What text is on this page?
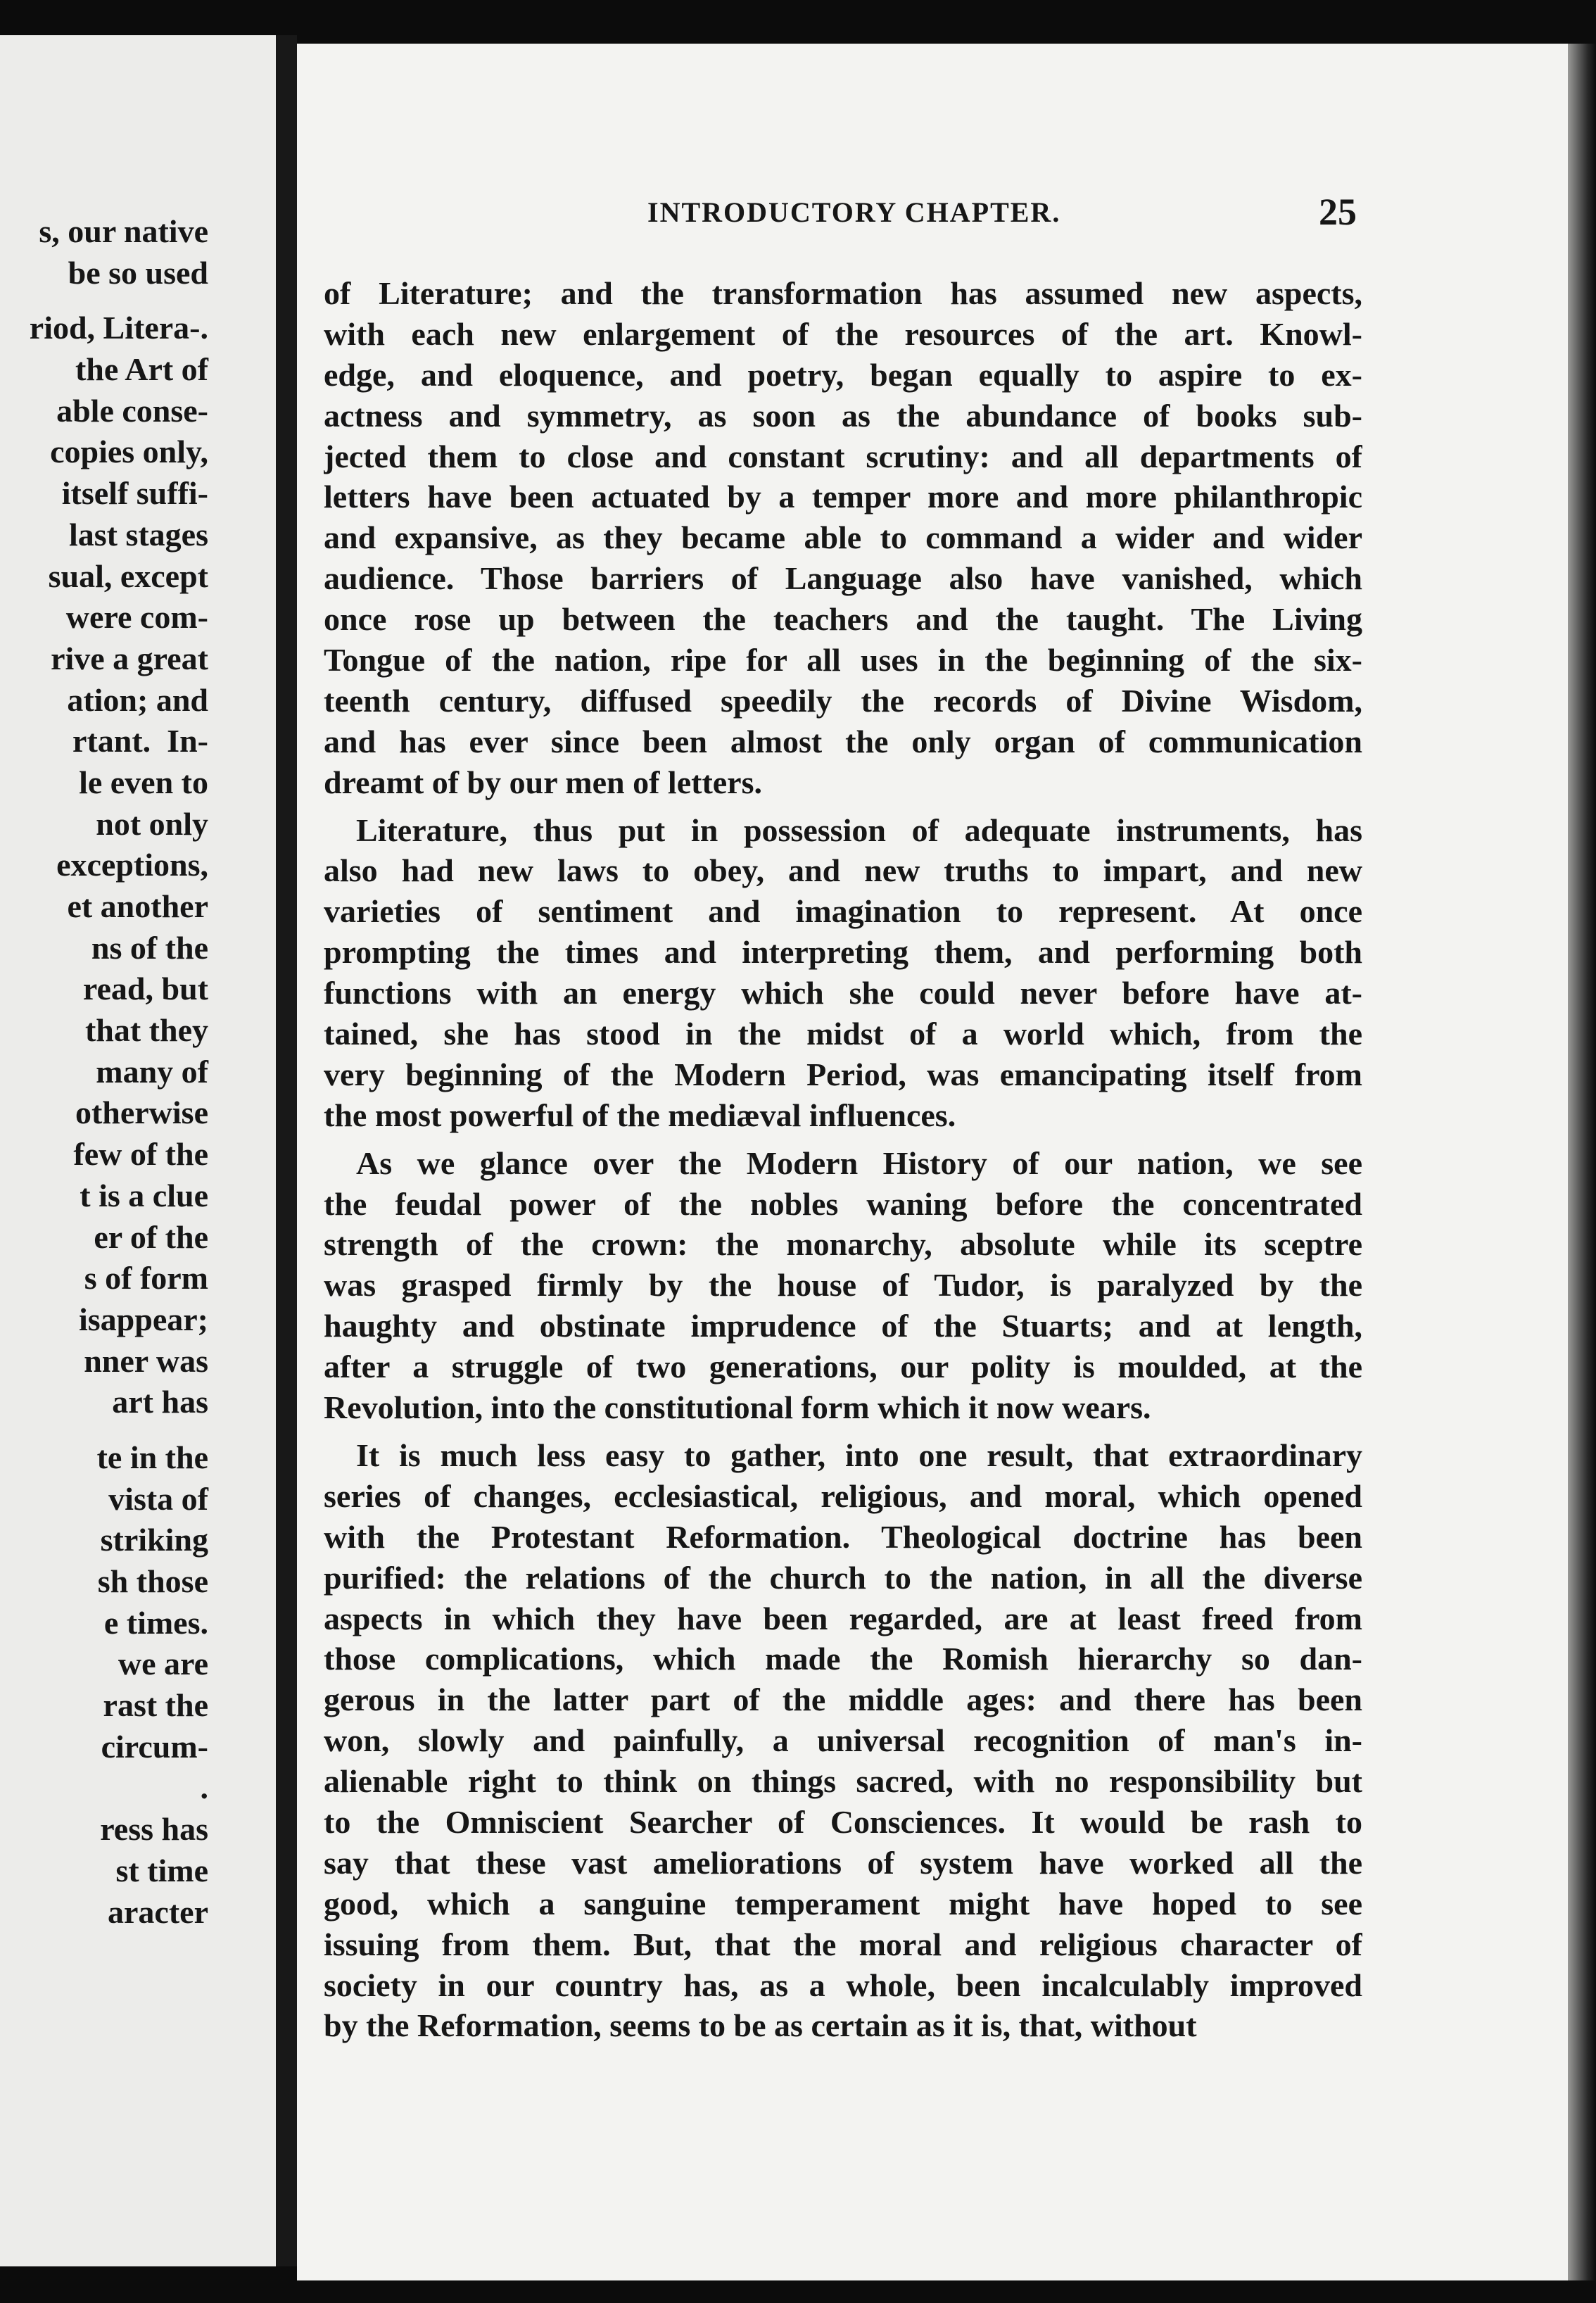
s, our native
be so used
riod, Litera-.
the Art of
able conse-
copies only,
itself suffi-
last stages
sual, except
were com-
rive a great
ation; and
rtant.  In-
le even to
not only
exceptions,
et another
ns of the
read, but
that they
many of
otherwise
few of the
t is a clue
er of the
s of form
isappear;
nner was
art has
te in the
vista of
striking
sh those
e times.
we are
rast the
circum-
.
ress has
st time
aracter
INTRODUCTORY CHAPTER.	25
of Literature; and the transformation has assumed new aspects,
with each new enlargement of the resources of the art. Knowl-
edge, and eloquence, and poetry, began equally to aspire to ex-
actness and symmetry, as soon as the abundance of books sub-
jected them to close and constant scrutiny: and all departments of
letters have been actuated by a temper more and more philanthropic
and expansive, as they became able to command a wider and wider
audience. Those barriers of Language also have vanished, which
once rose up between the teachers and the taught. The Living
Tongue of the nation, ripe for all uses in the beginning of the six-
teenth century, diffused speedily the records of Divine Wisdom,
and has ever since been almost the only organ of communication
dreamt of by our men of letters.
Literature, thus put in possession of adequate instruments, has
also had new laws to obey, and new truths to impart, and new
varieties of sentiment and imagination to represent. At once
prompting the times and interpreting them, and performing both
functions with an energy which she could never before have at-
tained, she has stood in the midst of a world which, from the
very beginning of the Modern Period, was emancipating itself from
the most powerful of the mediæval influences.
As we glance over the Modern History of our nation, we see
the feudal power of the nobles waning before the concentrated
strength of the crown: the monarchy, absolute while its sceptre
was grasped firmly by the house of Tudor, is paralyzed by the
haughty and obstinate imprudence of the Stuarts; and at length,
after a struggle of two generations, our polity is moulded, at the
Revolution, into the constitutional form which it now wears.
It is much less easy to gather, into one result, that extraordinary
series of changes, ecclesiastical, religious, and moral, which opened
with the Protestant Reformation. Theological doctrine has been
purified: the relations of the church to the nation, in all the diverse
aspects in which they have been regarded, are at least freed from
those complications, which made the Romish hierarchy so dan-
gerous in the latter part of the middle ages: and there has been
won, slowly and painfully, a universal recognition of man's in-
alienable right to think on things sacred, with no responsibility but
to the Omniscient Searcher of Consciences. It would be rash to
say that these vast ameliorations of system have worked all the
good, which a sanguine temperament might have hoped to see
issuing from them. But, that the moral and religious character of
society in our country has, as a whole, been incalculably improved
by the Reformation, seems to be as certain as it is, that, without
